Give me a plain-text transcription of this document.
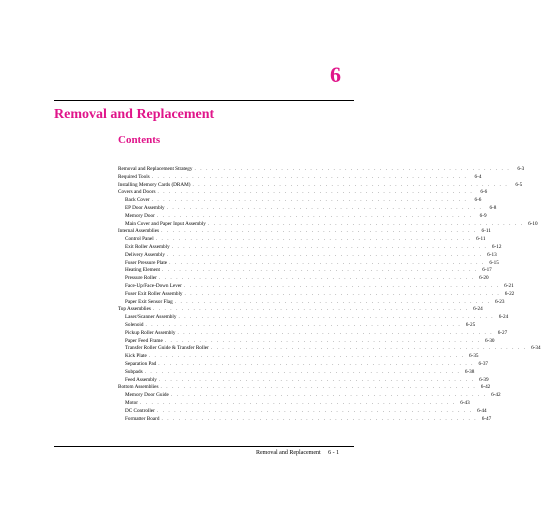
6
Removal and Replacement
Contents
Removal and Replacement Strategy . . . . . . . . . . . . . . . . . . . . . . . . . . . . . . . . . . . . . . . . . . . . . . . . . . . . . . .	6-3
Required Tools . . . . . . . . . . . . . . . . . . . . . . . . . . . . . . . . . . . . . . . . . . . . . . . . . . . . . . .	6-4
Installing Memory Cards (DRAM) . . . . . . . . . . . . . . . . . . . . . . . . . . . . . . . . . . . . . . . . . . . . . . . . . . . . . . .	6-5
Covers and Doors . . . . . . . . . . . . . . . . . . . . . . . . . . . . . . . . . . . . . . . . . . . . . . . . . . . . . . .	6-6
Back Cover . . . . . . . . . . . . . . . . . . . . . . . . . . . . . . . . . . . . . . . . . . . . . . . . . . . . . . .	6-6
EP Door Assembly . . . . . . . . . . . . . . . . . . . . . . . . . . . . . . . . . . . . . . . . . . . . . . . . . . . . . . .	6-8
Memory Door . . . . . . . . . . . . . . . . . . . . . . . . . . . . . . . . . . . . . . . . . . . . . . . . . . . . . . .	6-9
Main Cover and Paper Input Assembly . . . . . . . . . . . . . . . . . . . . . . . . . . . . . . . . . . . . . . . . . . . . . . . . . . . . . . . 6-10
Internal Assemblies . . . . . . . . . . . . . . . . . . . . . . . . . . . . . . . . . . . . . . . . . . . . . . . . . . . . . . . 6-11
Control Panel . . . . . . . . . . . . . . . . . . . . . . . . . . . . . . . . . . . . . . . . . . . . . . . . . . . . . . . 6-11
Exit Roller Assembly . . . . . . . . . . . . . . . . . . . . . . . . . . . . . . . . . . . . . . . . . . . . . . . . . . . . . . . 6-12
Delivery Assembly . . . . . . . . . . . . . . . . . . . . . . . . . . . . . . . . . . . . . . . . . . . . . . . . . . . . . . . 6-13
Fuser Pressure Plate . . . . . . . . . . . . . . . . . . . . . . . . . . . . . . . . . . . . . . . . . . . . . . . . . . . . . . . 6-15
Heating Element . . . . . . . . . . . . . . . . . . . . . . . . . . . . . . . . . . . . . . . . . . . . . . . . . . . . . . . 6-17
Pressure Roller . . . . . . . . . . . . . . . . . . . . . . . . . . . . . . . . . . . . . . . . . . . . . . . . . . . . . . . 6-20
Face-Up/Face-Down Lever . . . . . . . . . . . . . . . . . . . . . . . . . . . . . . . . . . . . . . . . . . . . . . . . . . . . . . . 6-21
Fuser Exit Roller Assembly . . . . . . . . . . . . . . . . . . . . . . . . . . . . . . . . . . . . . . . . . . . . . . . . . . . . . . . 6-22
Paper Exit Sensor Flag . . . . . . . . . . . . . . . . . . . . . . . . . . . . . . . . . . . . . . . . . . . . . . . . . . . . . . . 6-23
Top Assemblies . . . . . . . . . . . . . . . . . . . . . . . . . . . . . . . . . . . . . . . . . . . . . . . . . . . . . . . 6-24
Laser/Scanner Assembly . . . . . . . . . . . . . . . . . . . . . . . . . . . . . . . . . . . . . . . . . . . . . . . . . . . . . . . 6-24
Solenoid . . . . . . . . . . . . . . . . . . . . . . . . . . . . . . . . . . . . . . . . . . . . . . . . . . . . . . . 6-25
Pickup Roller Assembly . . . . . . . . . . . . . . . . . . . . . . . . . . . . . . . . . . . . . . . . . . . . . . . . . . . . . . . 6-27
Paper Feed Frame . . . . . . . . . . . . . . . . . . . . . . . . . . . . . . . . . . . . . . . . . . . . . . . . . . . . . . . 6-30
Transfer Roller Guide & Transfer Roller . . . . . . . . . . . . . . . . . . . . . . . . . . . . . . . . . . . . . . . . . . . . . . . . . . . . . . . 6-34
Kick Plate . . . . . . . . . . . . . . . . . . . . . . . . . . . . . . . . . . . . . . . . . . . . . . . . . . . . . . . 6-35
Separation Pad . . . . . . . . . . . . . . . . . . . . . . . . . . . . . . . . . . . . . . . . . . . . . . . . . . . . . . . 6-37
Subpads . . . . . . . . . . . . . . . . . . . . . . . . . . . . . . . . . . . . . . . . . . . . . . . . . . . . . . . 6-38
Feed Assembly . . . . . . . . . . . . . . . . . . . . . . . . . . . . . . . . . . . . . . . . . . . . . . . . . . . . . . . 6-39
Bottom Assemblies . . . . . . . . . . . . . . . . . . . . . . . . . . . . . . . . . . . . . . . . . . . . . . . . . . . . . . . 6-42
Memory Door Guide . . . . . . . . . . . . . . . . . . . . . . . . . . . . . . . . . . . . . . . . . . . . . . . . . . . . . . . 6-42
Motor . . . . . . . . . . . . . . . . . . . . . . . . . . . . . . . . . . . . . . . . . . . . . . . . . . . . . . . 6-43
DC Controller . . . . . . . . . . . . . . . . . . . . . . . . . . . . . . . . . . . . . . . . . . . . . . . . . . . . . . . 6-44
Formatter Board . . . . . . . . . . . . . . . . . . . . . . . . . . . . . . . . . . . . . . . . . . . . . . . . . . . . . . . 6-47
Removal and Replacement 6 - 1
